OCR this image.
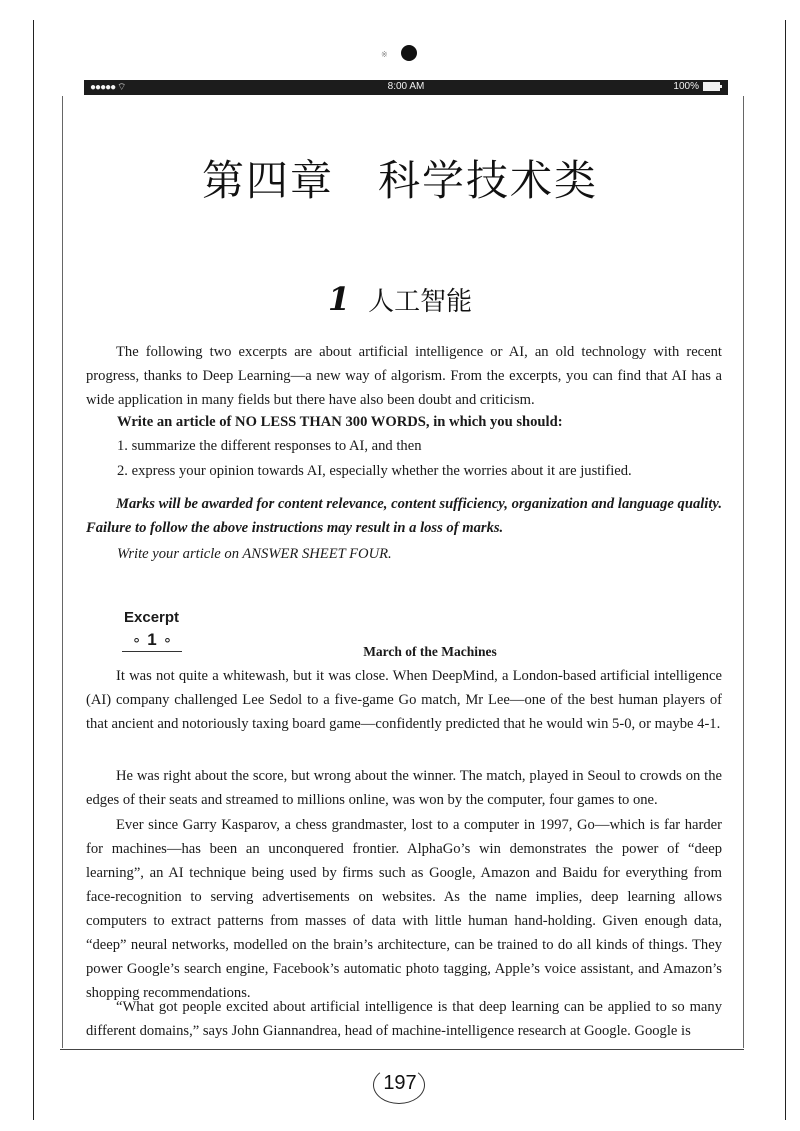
※
●●●●● ⌔	8:00 AM	100%
第四章 科学技术类
1 人工智能

The following two excerpts are about artificial intelligence or AI, an old technology with recent progress, thanks to Deep Learning—a new way of algorism. From the excerpts, you can find that AI has a wide application in many fields but there have also been doubt and criticism.

Write an article of NO LESS THAN 300 WORDS, in which you should:

1. summarize the different responses to AI, and then

2. express your opinion towards AI, especially whether the worries about it are justified.

Marks will be awarded for content relevance, content sufficiency, organization and language quality. Failure to follow the above instructions may result in a loss of marks.

Write your article on ANSWER SHEET FOUR.

Excerpt
∘ 1 ∘
March of the Machines

It was not quite a whitewash, but it was close. When DeepMind, a London-based artificial intelligence (AI) company challenged Lee Sedol to a five-game Go match, Mr Lee—one of the best human players of that ancient and notoriously taxing board game—confidently predicted that he would win 5-0, or maybe 4-1.

He was right about the score, but wrong about the winner. The match, played in Seoul to crowds on the edges of their seats and streamed to millions online, was won by the computer, four games to one.

Ever since Garry Kasparov, a chess grandmaster, lost to a computer in 1997, Go—which is far harder for machines—has been an unconquered frontier. AlphaGo’s win demonstrates the power of “deep learning”, an AI technique being used by firms such as Google, Amazon and Baidu for everything from face-recognition to serving advertisements on websites. As the name implies, deep learning allows computers to extract patterns from masses of data with little human hand-holding. Given enough data, “deep” neural networks, modelled on the brain’s architecture, can be trained to do all kinds of things. They power Google’s search engine, Facebook’s automatic photo tagging, Apple’s voice assistant, and Amazon’s shopping recommendations.

“What got people excited about artificial intelligence is that deep learning can be applied to so many different domains,” says John Giannandrea, head of machine-intelligence research at Google. Google is

197
